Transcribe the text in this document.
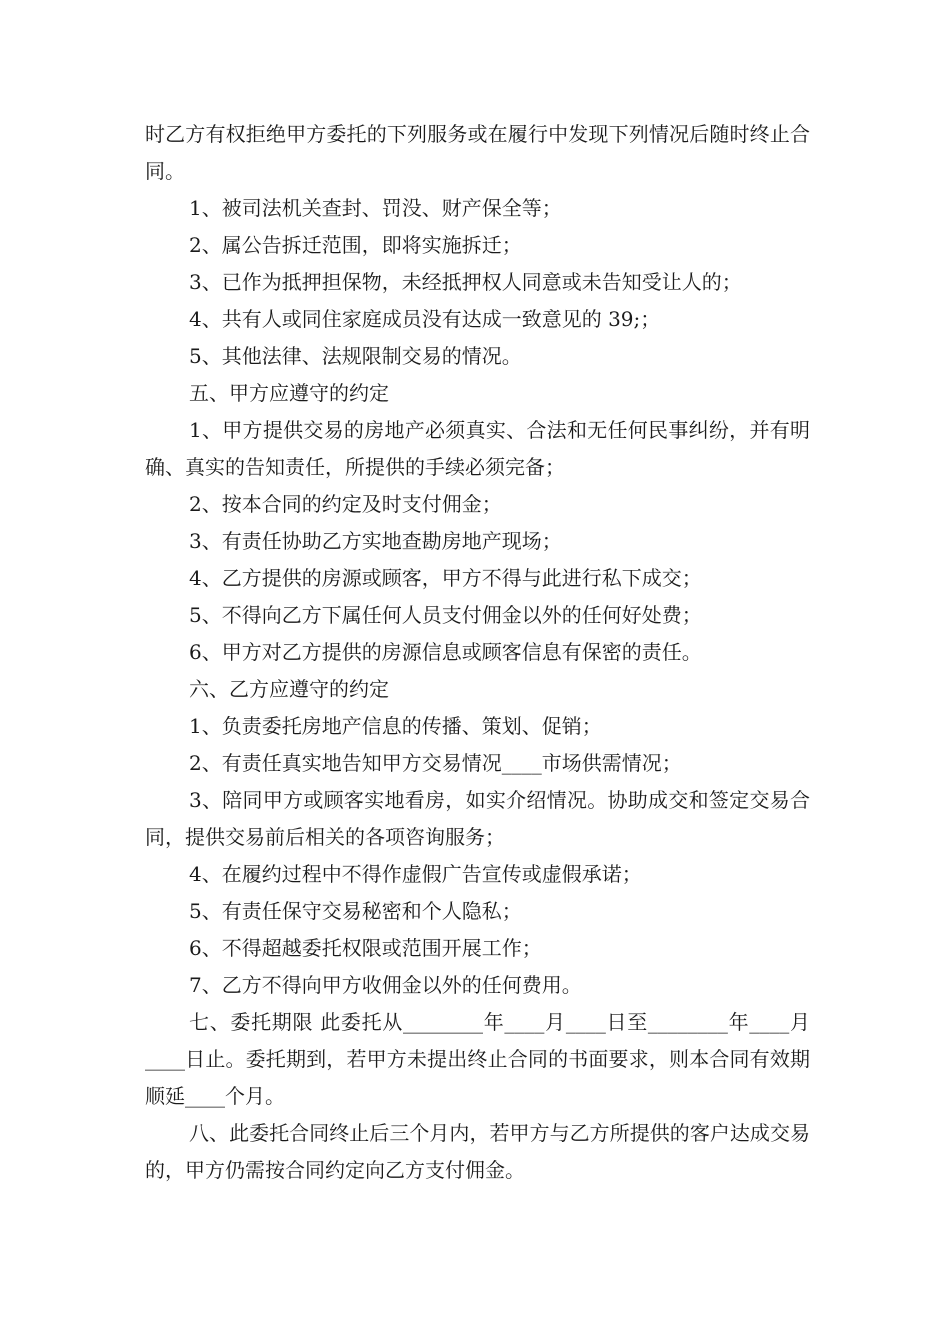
时乙方有权拒绝甲方委托的下列服务或在履行中发现下列情况后随时终止合同。

1、被司法机关查封、罚没、财产保全等；

2、属公告拆迁范围，即将实施拆迁；

3、已作为抵押担保物，未经抵押权人同意或未告知受让人的；

4、共有人或同住家庭成员没有达成一致意见的 39;；

5、其他法律、法规限制交易的情况。

五、甲方应遵守的约定

1、甲方提供交易的房地产必须真实、合法和无任何民事纠纷，并有明确、真实的告知责任，所提供的手续必须完备；

2、按本合同的约定及时支付佣金；

3、有责任协助乙方实地查勘房地产现场；

4、乙方提供的房源或顾客，甲方不得与此进行私下成交；

5、不得向乙方下属任何人员支付佣金以外的任何好处费；

6、甲方对乙方提供的房源信息或顾客信息有保密的责任。

六、乙方应遵守的约定

1、负责委托房地产信息的传播、策划、促销；

2、有责任真实地告知甲方交易情况____市场供需情况；

3、陪同甲方或顾客实地看房，如实介绍情况。协助成交和签定交易合同，提供交易前后相关的各项咨询服务；

4、在履约过程中不得作虚假广告宣传或虚假承诺；

5、有责任保守交易秘密和个人隐私；

6、不得超越委托权限或范围开展工作；

7、乙方不得向甲方收佣金以外的任何费用。

七、委托期限 此委托从________年____月____日至________年____月____日止。委托期到，若甲方未提出终止合同的书面要求，则本合同有效期顺延____个月。

八、此委托合同终止后三个月内，若甲方与乙方所提供的客户达成交易的，甲方仍需按合同约定向乙方支付佣金。
